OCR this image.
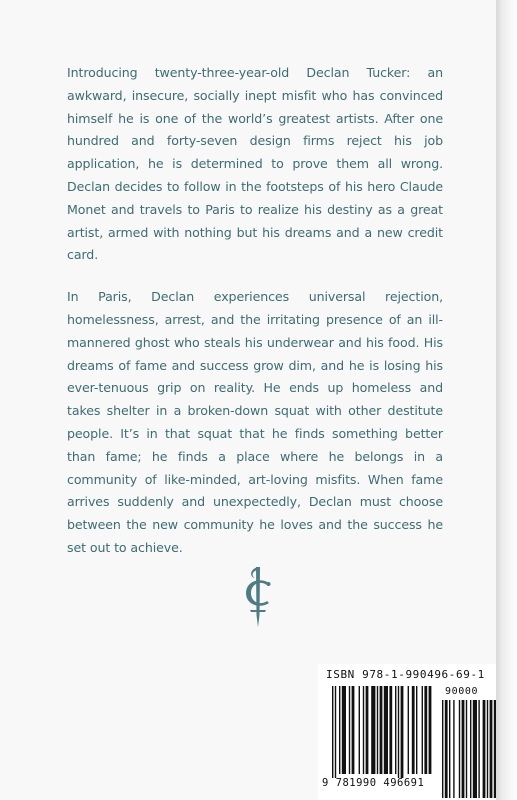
Introducing twenty-three-year-old Declan Tucker: an awkward, insecure, socially inept misfit who has convinced himself he is one of the world’s greatest artists. After one hundred and forty-seven design firms reject his job application, he is determined to prove them all wrong. Declan decides to follow in the footsteps of his hero Claude Monet and travels to Paris to realize his destiny as a great artist, armed with nothing but his dreams and a new credit card.

In Paris, Declan experiences universal rejection, homelessness, arrest, and the irritating presence of an ill-mannered ghost who steals his underwear and his food. His dreams of fame and success grow dim, and he is losing his ever-tenuous grip on reality. He ends up homeless and takes shelter in a broken-down squat with other destitute people. It’s in that squat that he finds something better than fame; he finds a place where he belongs in a community of like-minded, art-loving misfits. When fame arrives suddenly and unexpectedly, Declan must choose between the new community he loves and the success he set out to achieve.

ISBN 978-1-990496-69-1
90000
9 781990 496691
